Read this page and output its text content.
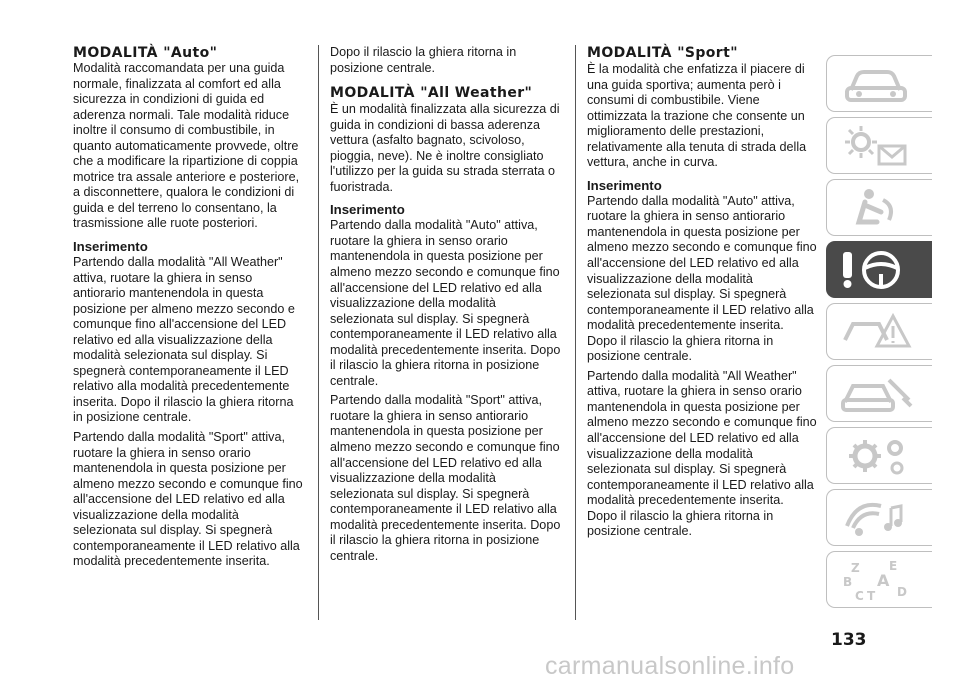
MODALITÀ "Auto"

Modalità raccomandata per una guida normale, finalizzata al comfort ed alla sicurezza in condizioni di guida ed aderenza normali. Tale modalità riduce inoltre il consumo di combustibile, in quanto automaticamente provvede, oltre che a modificare la ripartizione di coppia motrice tra assale anteriore e posteriore, a disconnettere, qualora le condizioni di guida e del terreno lo consentano, la trasmissione alle ruote posteriori.

Inserimento

Partendo dalla modalità "All Weather" attiva, ruotare la ghiera in senso antiorario mantenendola in questa posizione per almeno mezzo secondo e comunque fino all'accensione del LED relativo ed alla visualizzazione della modalità selezionata sul display. Si spegnerà contemporaneamente il LED relativo alla modalità precedentemente inserita. Dopo il rilascio la ghiera ritorna in posizione centrale.

Partendo dalla modalità "Sport" attiva, ruotare la ghiera in senso orario mantenendola in questa posizione per almeno mezzo secondo e comunque fino all'accensione del LED relativo ed alla visualizzazione della modalità selezionata sul display. Si spegnerà contemporaneamente il LED relativo alla modalità precedentemente inserita.

Dopo il rilascio la ghiera ritorna in posizione centrale.

MODALITÀ "All Weather"

È un modalità finalizzata alla sicurezza di guida in condizioni di bassa aderenza vettura (asfalto bagnato, scivoloso, pioggia, neve). Ne è inoltre consigliato l'utilizzo per la guida su strada sterrata o fuoristrada.

Inserimento

Partendo dalla modalità "Auto" attiva, ruotare la ghiera in senso orario mantenendola in questa posizione per almeno mezzo secondo e comunque fino all'accensione del LED relativo ed alla visualizzazione della modalità selezionata sul display. Si spegnerà contemporaneamente il LED relativo alla modalità precedentemente inserita. Dopo il rilascio la ghiera ritorna in posizione centrale.

Partendo dalla modalità "Sport" attiva, ruotare la ghiera in senso antiorario mantenendola in questa posizione per almeno mezzo secondo e comunque fino all'accensione del LED relativo ed alla visualizzazione della modalità selezionata sul display. Si spegnerà contemporaneamente il LED relativo alla modalità precedentemente inserita. Dopo il rilascio la ghiera ritorna in posizione centrale.

MODALITÀ "Sport"

È la modalità che enfatizza il piacere di una guida sportiva; aumenta però i consumi di combustibile. Viene ottimizzata la trazione che consente un miglioramento delle prestazioni, relativamente alla tenuta di strada della vettura, anche in curva.

Inserimento

Partendo dalla modalità "Auto" attiva, ruotare la ghiera in senso antiorario mantenendola in questa posizione per almeno mezzo secondo e comunque fino all'accensione del LED relativo ed alla visualizzazione della modalità selezionata sul display. Si spegnerà contemporaneamente il LED relativo alla modalità precedentemente inserita. Dopo il rilascio la ghiera ritorna in posizione centrale.

Partendo dalla modalità "All Weather" attiva, ruotare la ghiera in senso orario mantenendola in questa posizione per almeno mezzo secondo e comunque fino all'accensione del LED relativo ed alla visualizzazione della modalità selezionata sul display. Si spegnerà contemporaneamente il LED relativo alla modalità precedentemente inserita. Dopo il rilascio la ghiera ritorna in posizione centrale.

Z E
B A
C T D
133
carmanualsonline.info
